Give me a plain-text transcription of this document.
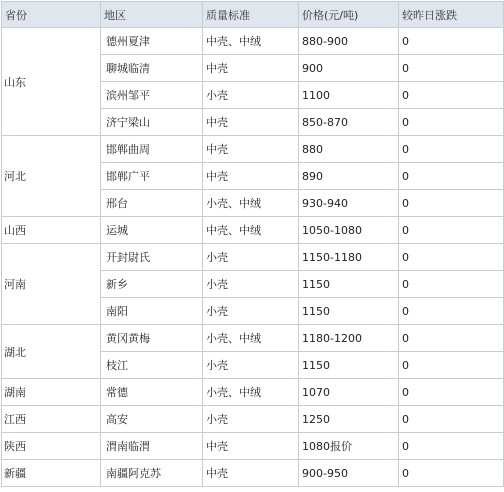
省份	地区	质量标准	价格(元/吨)	较昨日涨跌
山东	德州夏津	中壳、中绒	880-900	0
	聊城临清	中壳	900	0
	滨州邹平	小壳	1100	0
	济宁梁山	中壳	850-870	0
河北	邯郸曲周	中壳	880	0
	邯郸广平	中壳	890	0
	邢台	小壳、中绒	930-940	0
山西	运城	中壳、中绒	1050-1080	0
河南	开封尉氏	小壳	1150-1180	0
	新乡	小壳	1150	0
	南阳	小壳	1150	0
湖北	黄冈黄梅	小壳、中绒	1180-1200	0
	枝江	小壳	1150	0
湖南	常德	小壳、中绒	1070	0
江西	高安	小壳	1250	0
陕西	渭南临渭	中壳	1080报价	0
新疆	南疆阿克苏	中壳	900-950	0
